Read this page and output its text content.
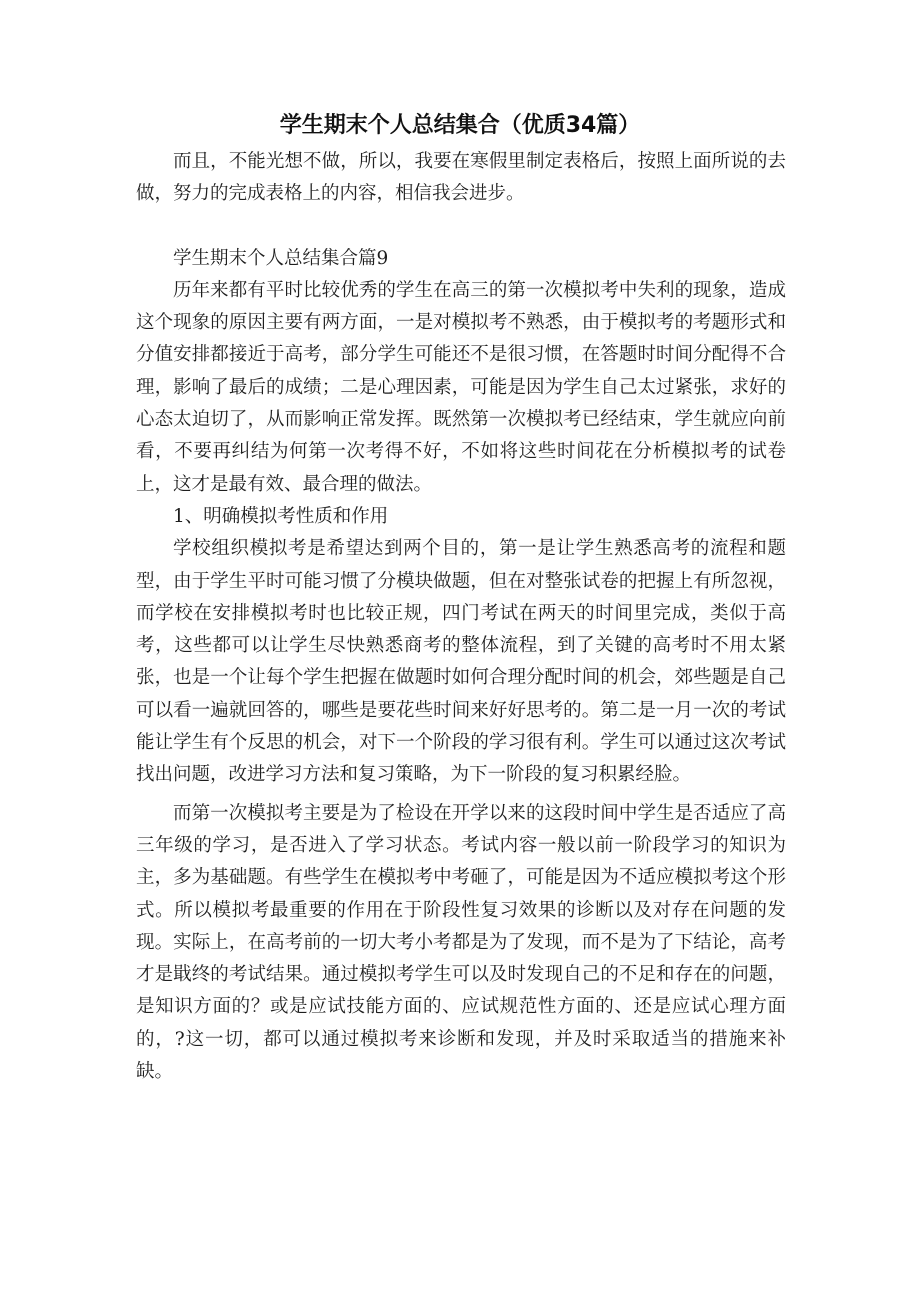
学生期末个人总结集合（优质34篇）

而且，不能光想不做，所以，我要在寒假里制定表格后，按照上面所说的去做，努力的完成表格上的内容，相信我会进步。

学生期末个人总结集合篇9

历年来都有平时比较优秀的学生在高三的第一次模拟考中失利的现象，造成这个现象的原因主要有两方面，一是对模拟考不熟悉，由于模拟考的考题形式和分值安排都接近于高考，部分学生可能还不是很习惯，在答题时时间分配得不合理，影响了最后的成绩；二是心理因素，可能是因为学生自己太过紧张，求好的心态太迫切了，从而影响正常发挥。既然第一次模拟考已经结束，学生就应向前看，不要再纠结为何第一次考得不好，不如将这些时间花在分析模拟考的试卷上，这才是最有效、最合理的做法。

1、明确模拟考性质和作用

学校组织模拟考是希望达到两个目的，第一是让学生熟悉高考的流程和题型，由于学生平时可能习惯了分模块做题，但在对整张试卷的把握上有所忽视，而学校在安排模拟考时也比较正规，四门考试在两天的时间里完成，类似于高考，这些都可以让学生尽快熟悉商考的整体流程，到了关键的高考时不用太紧张，也是一个让每个学生把握在做题时如何合理分配时间的机会，郊些题是自己可以看一遍就回答的，哪些是要花些时间来好好思考的。第二是一月一次的考试能让学生有个反思的机会，对下一个阶段的学习很有利。学生可以通过这次考试找出问题，改进学习方法和复习策略，为下一阶段的复习积累经脸。

而第一次模拟考主要是为了检设在开学以来的这段时间中学生是否适应了高三年级的学习，是否进入了学习状态。考试内容一般以前一阶段学习的知识为主，多为基础题。有些学生在模拟考中考砸了，可能是因为不适应模拟考这个形式。所以模拟考最重要的作用在于阶段性复习效果的诊断以及对存在问题的发现。实际上，在高考前的一切大考小考都是为了发现，而不是为了下结论，高考才是戢终的考试结果。通过模拟考学生可以及时发现自己的不足和存在的问题，是知识方面的？或是应试技能方面的、应试规范性方面的、还是应试心理方面的，?这一切，都可以通过模拟考来诊断和发现，并及时采取适当的措施来补缺。
